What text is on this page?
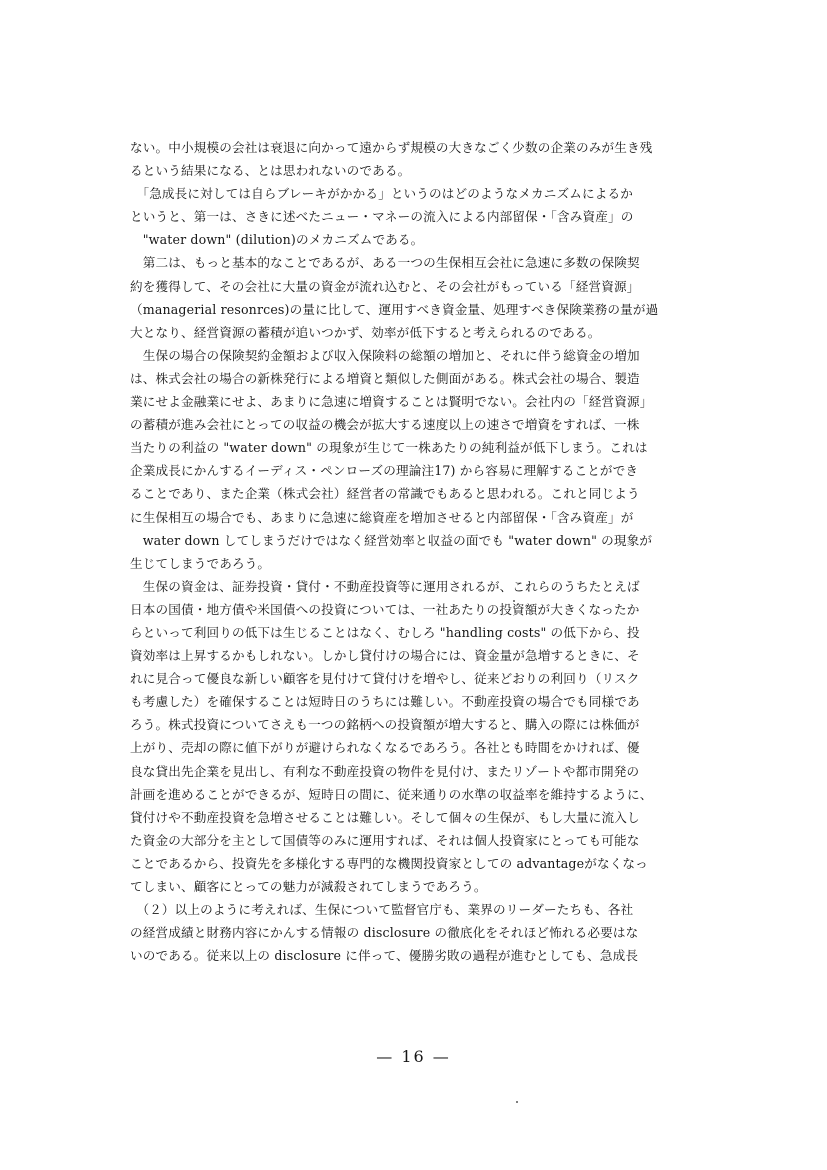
ない。中小規模の会社は衰退に向かって遠からず規模の大きなごく少数の企業のみが生き残
るという結果になる、とは思われないのである。
　「急成長に対しては自らブレーキがかかる」というのはどのようなメカニズムによるか
というと、第一は、さきに述べたニュー・マネーの流入による内部留保・「含み資産」の
　"water down" (dilution)のメカニズムである。
　第二は、もっと基本的なことであるが、ある一つの生保相互会社に急速に多数の保険契
約を獲得して、その会社に大量の資金が流れ込むと、その会社がもっている「経営資源」
（managerial resonrces)の量に比して、運用すべき資金量、処理すべき保険業務の量が過
大となり、経営資源の蓄積が追いつかず、効率が低下すると考えられるのである。
　生保の場合の保険契約金額および収入保険料の総額の増加と、それに伴う総資金の増加
は、株式会社の場合の新株発行による増資と類似した側面がある。株式会社の場合、製造
業にせよ金融業にせよ、あまりに急速に増資することは賢明でない。会社内の「経営資源」
の蓄積が進み会社にとっての収益の機会が拡大する速度以上の速さで増資をすれば、一株
当たりの利益の "water down" の現象が生じて一株あたりの純利益が低下しまう。これは
企業成長にかんするイーディス・ペンローズの理論注17) から容易に理解することができ
ることであり、また企業（株式会社）経営者の常識でもあると思われる。これと同じよう
に生保相互の場合でも、あまりに急速に総資産を増加させると内部留保・「含み資産」が
　water down してしまうだけではなく経営効率と収益の面でも "water down" の現象が
生じてしまうであろう。
　生保の資金は、証券投資・貸付・不動産投資等に運用されるが、これらのうちたとえば
日本の国債・地方債や米国債への投資については、一社あたりの投資額が大きくなったか
らといって利回りの低下は生じることはなく、むしろ "handling costs" の低下から、投
資効率は上昇するかもしれない。しかし貸付けの場合には、資金量が急増するときに、そ
れに見合って優良な新しい顧客を見付けて貸付けを増やし、従来どおりの利回り（リスク
も考慮した）を確保することは短時日のうちには難しい。不動産投資の場合でも同様であ
ろう。株式投資についてさえも一つの銘柄への投資額が増大すると、購入の際には株価が
上がり、売却の際に値下がりが避けられなくなるであろう。各社とも時間をかければ、優
良な貸出先企業を見出し、有利な不動産投資の物件を見付け、またリゾートや都市開発の
計画を進めることができるが、短時日の間に、従来通りの水準の収益率を維持するように、
貸付けや不動産投資を急増させることは難しい。そして個々の生保が、もし大量に流入し
た資金の大部分を主として国債等のみに運用すれば、それは個人投資家にとっても可能な
ことであるから、投資先を多様化する専門的な機関投資家としての advantageがなくなっ
てしまい、顧客にとっての魅力が減殺されてしまうであろう。
　（２）以上のように考えれば、生保について監督官庁も、業界のリーダーたちも、各社
の経営成績と財務内容にかんする情報の disclosure の徹底化をそれほど怖れる必要はな
いのである。従来以上の disclosure に伴って、優勝劣敗の過程が進むとしても、急成長
— 16 —
